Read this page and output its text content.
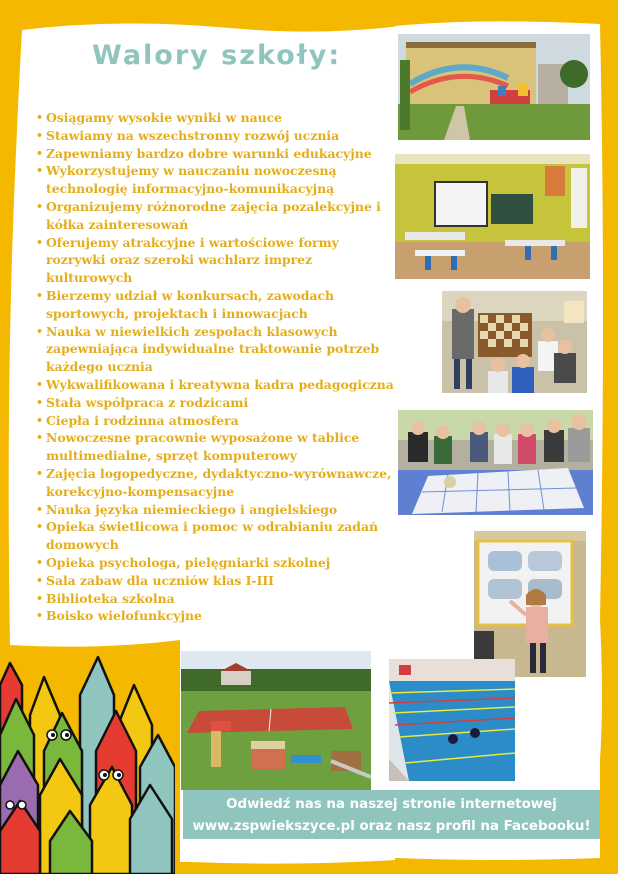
Walory szkoły:
• Osiągamy wysokie wyniki w nauce
• Stawiamy na wszechstronny rozwój ucznia
• Zapewniamy bardzo dobre warunki edukacyjne
• Wykorzystujemy w nauczaniu nowoczesną technologię informacyjno-komunikacyjną
• Organizujemy różnorodne zajęcia pozalekcyjne i kółka zainteresowań
• Oferujemy atrakcyjne i wartościowe formy rozrywki oraz szeroki wachlarz imprez kulturowych
• Bierzemy udział w konkursach, zawodach sportowych, projektach i innowacjach
• Nauka w niewielkich zespołach klasowych zapewniająca indywidualne traktowanie potrzeb każdego ucznia
• Wykwalifikowana i kreatywna kadra pedagogiczna
• Stała współpraca z rodzicami
• Ciepła i rodzinna atmosfera
• Nowoczesne pracownie wyposażone w tablice multimedialne, sprzęt komputerowy
• Zajęcia logopedyczne, dydaktyczno-wyrównawcze, korekcyjno-kompensacyjne
• Nauka języka niemieckiego i angielskiego
• Opieka świetlicowa i pomoc w odrabianiu zadań domowych
• Opieka psychologa, pielęgniarki szkolnej
• Sala zabaw dla uczniów klas I-III
• Biblioteka szkolna
• Boisko wielofunkcyjne
Odwiedź nas na naszej stronie internetowej
www.zspwiekszyce.pl oraz nasz profil na Facebooku!
